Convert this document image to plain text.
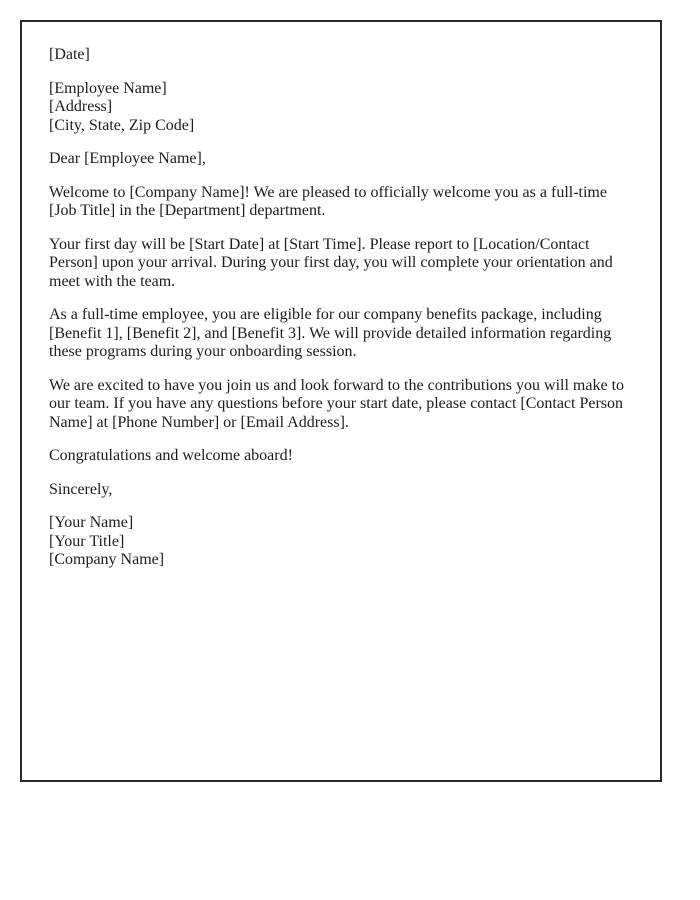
[Date]

[Employee Name]
[Address]
[City, State, Zip Code]

Dear [Employee Name],

Welcome to [Company Name]! We are pleased to officially welcome you as a full-time [Job Title] in the [Department] department.

Your first day will be [Start Date] at [Start Time]. Please report to [Location/Contact Person] upon your arrival. During your first day, you will complete your orientation and meet with the team.

As a full-time employee, you are eligible for our company benefits package, including [Benefit 1], [Benefit 2], and [Benefit 3]. We will provide detailed information regarding these programs during your onboarding session.

We are excited to have you join us and look forward to the contributions you will make to our team. If you have any questions before your start date, please contact [Contact Person Name] at [Phone Number] or [Email Address].

Congratulations and welcome aboard!

Sincerely,

[Your Name]
[Your Title]
[Company Name]
